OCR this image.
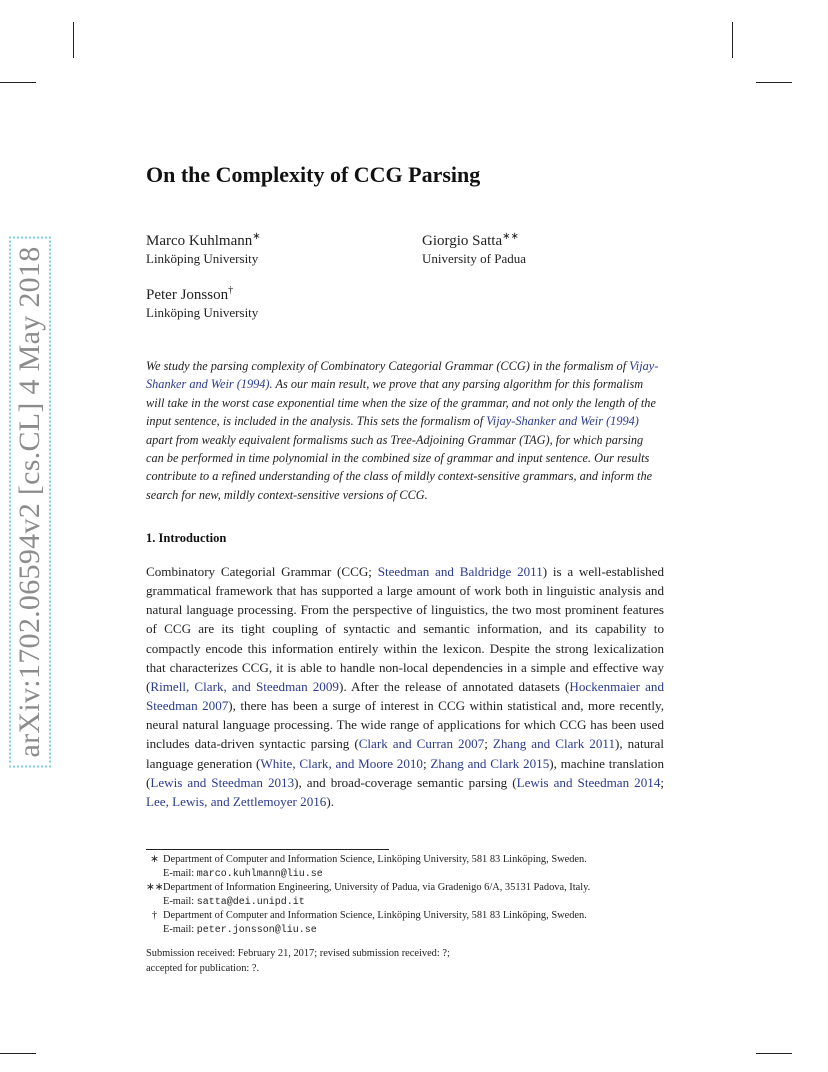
arXiv:1702.06594v2 [cs.CL] 4 May 2018
On the Complexity of CCG Parsing
Marco Kuhlmann∗
Linköping University
Giorgio Satta∗∗
University of Padua
Peter Jonsson†
Linköping University

We study the parsing complexity of Combinatory Categorial Grammar (CCG) in the formalism of Vijay-Shanker and Weir (1994). As our main result, we prove that any parsing algorithm for this formalism will take in the worst case exponential time when the size of the grammar, and not only the length of the input sentence, is included in the analysis. This sets the formalism of Vijay-Shanker and Weir (1994) apart from weakly equivalent formalisms such as Tree-Adjoining Grammar (TAG), for which parsing can be performed in time polynomial in the combined size of grammar and input sentence. Our results contribute to a refined understanding of the class of mildly context-sensitive grammars, and inform the search for new, mildly context-sensitive versions of CCG.

1. Introduction

Combinatory Categorial Grammar (CCG; Steedman and Baldridge 2011) is a well-established grammatical framework that has supported a large amount of work both in linguistic analysis and natural language processing. From the perspective of linguistics, the two most prominent features of CCG are its tight coupling of syntactic and semantic information, and its capability to compactly encode this information entirely within the lexicon. Despite the strong lexicalization that characterizes CCG, it is able to handle non-local dependencies in a simple and effective way (Rimell, Clark, and Steedman 2009). After the release of annotated datasets (Hockenmaier and Steedman 2007), there has been a surge of interest in CCG within statistical and, more recently, neural natural language processing. The wide range of applications for which CCG has been used includes data-driven syntactic parsing (Clark and Curran 2007; Zhang and Clark 2011), natural language generation (White, Clark, and Moore 2010; Zhang and Clark 2015), machine translation (Lewis and Steedman 2013), and broad-coverage semantic parsing (Lewis and Steedman 2014; Lee, Lewis, and Zettlemoyer 2016).

∗ Department of Computer and Information Science, Linköping University, 581 83 Linköping, Sweden.
E-mail: marco.kuhlmann@liu.se
∗∗ Department of Information Engineering, University of Padua, via Gradenigo 6/A, 35131 Padova, Italy.
E-mail: satta@dei.unipd.it
† Department of Computer and Information Science, Linköping University, 581 83 Linköping, Sweden.
E-mail: peter.jonsson@liu.se
Submission received: February 21, 2017; revised submission received: ?;
accepted for publication: ?.
